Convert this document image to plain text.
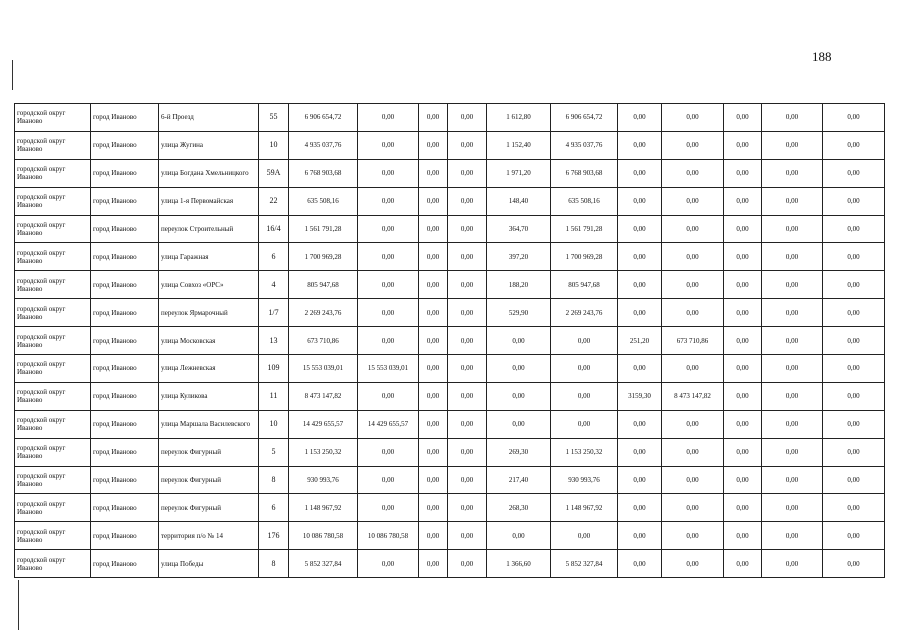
188
городской округ Иваново	город Иваново	6-й Проезд	55	6 906 654,72	0,00	0,00	0,00	1 612,80	6 906 654,72	0,00	0,00	0,00	0,00	0,00
городской округ Иваново	город Иваново	улица Жугина	10	4 935 037,76	0,00	0,00	0,00	1 152,40	4 935 037,76	0,00	0,00	0,00	0,00	0,00
городской округ Иваново	город Иваново	улица Богдана Хмельницкого	59А	6 768 903,68	0,00	0,00	0,00	1 971,20	6 768 903,68	0,00	0,00	0,00	0,00	0,00
городской округ Иваново	город Иваново	улица 1-я Первомайская	22	635 508,16	0,00	0,00	0,00	148,40	635 508,16	0,00	0,00	0,00	0,00	0,00
городской округ Иваново	город Иваново	переулок Строительный	16/4	1 561 791,28	0,00	0,00	0,00	364,70	1 561 791,28	0,00	0,00	0,00	0,00	0,00
городской округ Иваново	город Иваново	улица Гаражная	6	1 700 969,28	0,00	0,00	0,00	397,20	1 700 969,28	0,00	0,00	0,00	0,00	0,00
городской округ Иваново	город Иваново	улица Совхоз «ОРС»	4	805 947,68	0,00	0,00	0,00	188,20	805 947,68	0,00	0,00	0,00	0,00	0,00
городской округ Иваново	город Иваново	переулок Ярмарочный	1/7	2 269 243,76	0,00	0,00	0,00	529,90	2 269 243,76	0,00	0,00	0,00	0,00	0,00
городской округ Иваново	город Иваново	улица Московская	13	673 710,86	0,00	0,00	0,00	0,00	0,00	251,20	673 710,86	0,00	0,00	0,00
городской округ Иваново	город Иваново	улица Лежневская	109	15 553 039,01	15 553 039,01	0,00	0,00	0,00	0,00	0,00	0,00	0,00	0,00	0,00
городской округ Иваново	город Иваново	улица Куликова	11	8 473 147,82	0,00	0,00	0,00	0,00	0,00	3159,30	8 473 147,82	0,00	0,00	0,00
городской округ Иваново	город Иваново	улица Маршала Василевского	10	14 429 655,57	14 429 655,57	0,00	0,00	0,00	0,00	0,00	0,00	0,00	0,00	0,00
городской округ Иваново	город Иваново	переулок Фигурный	5	1 153 250,32	0,00	0,00	0,00	269,30	1 153 250,32	0,00	0,00	0,00	0,00	0,00
городской округ Иваново	город Иваново	переулок Фигурный	8	930 993,76	0,00	0,00	0,00	217,40	930 993,76	0,00	0,00	0,00	0,00	0,00
городской округ Иваново	город Иваново	переулок Фигурный	6	1 148 967,92	0,00	0,00	0,00	268,30	1 148 967,92	0,00	0,00	0,00	0,00	0,00
городской округ Иваново	город Иваново	территория п/о № 14	176	10 086 780,58	10 086 780,58	0,00	0,00	0,00	0,00	0,00	0,00	0,00	0,00	0,00
городской округ Иваново	город Иваново	улица Победы	8	5 852 327,84	0,00	0,00	0,00	1 366,60	5 852 327,84	0,00	0,00	0,00	0,00	0,00
